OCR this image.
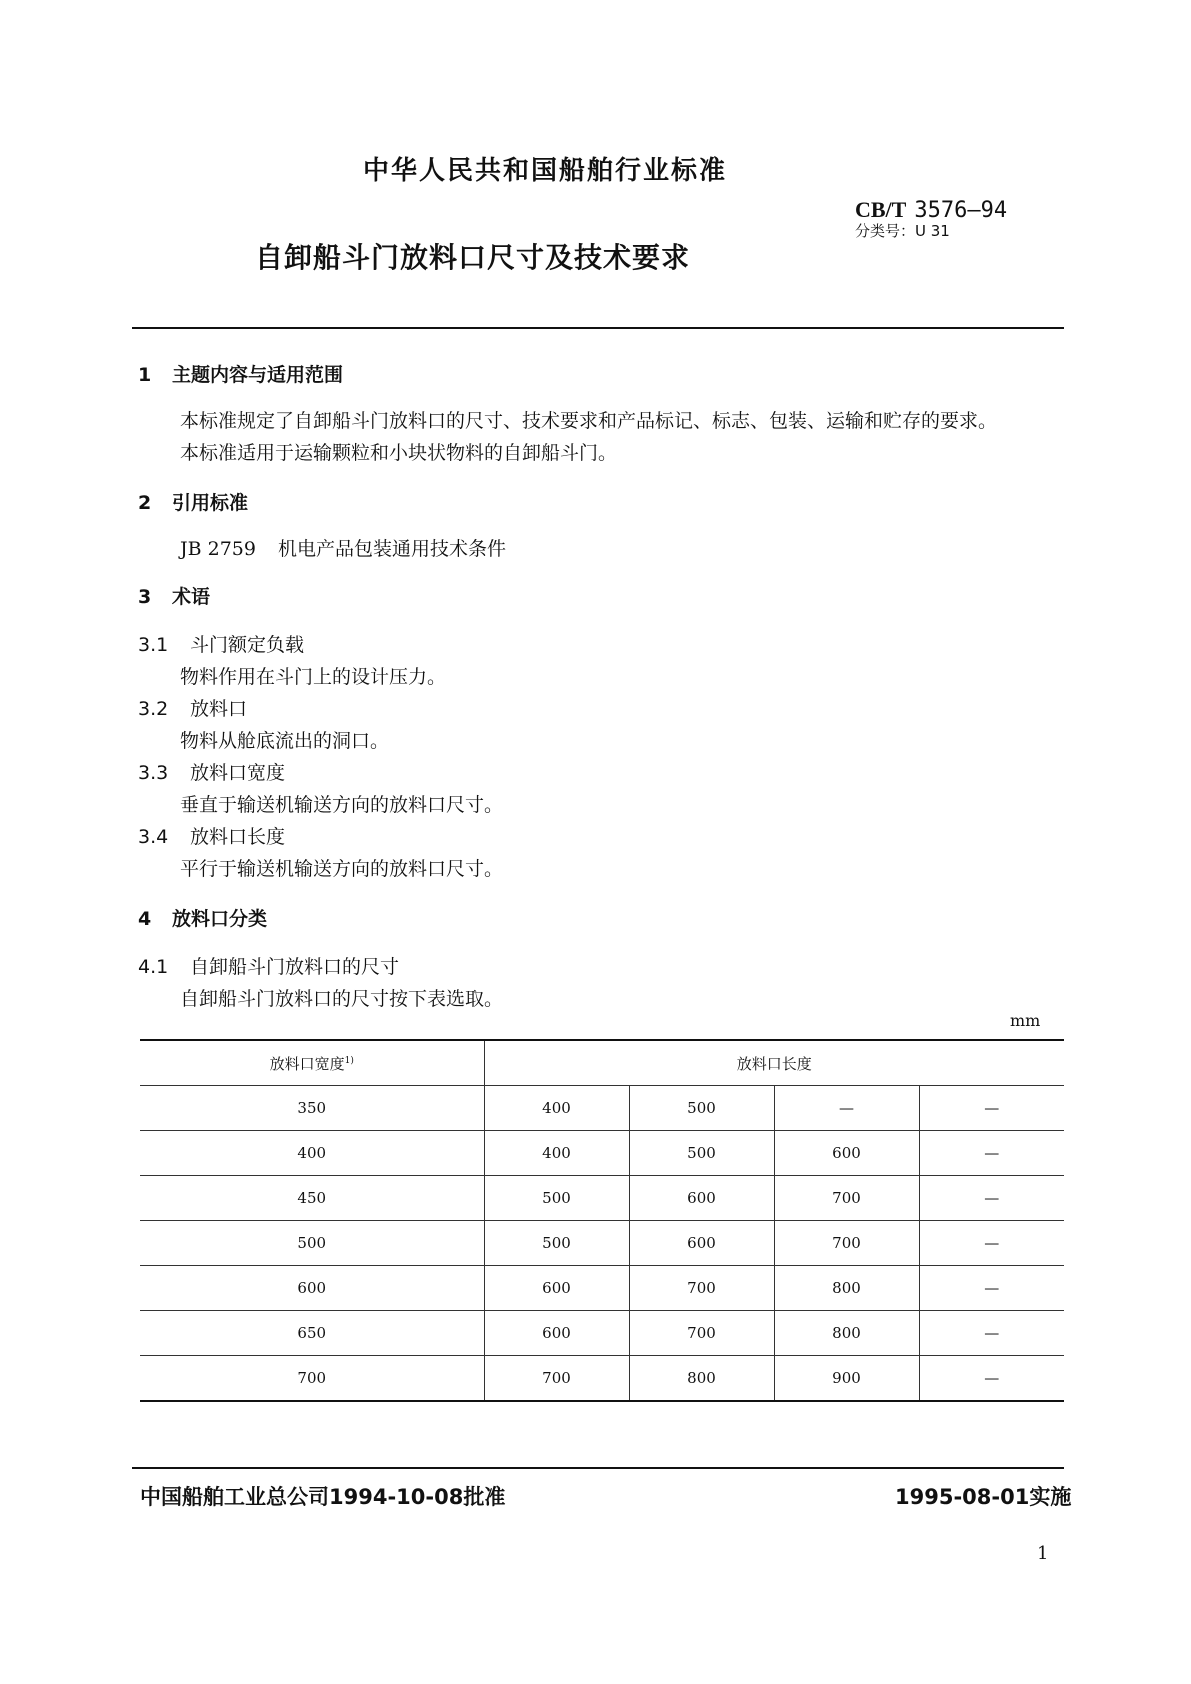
中华人民共和国船舶行业标准
CB/T 3576—94
分类号：U 31
自卸船斗门放料口尺寸及技术要求
1 主题内容与适用范围
本标准规定了自卸船斗门放料口的尺寸、技术要求和产品标记、标志、包装、运输和贮存的要求。
本标准适用于运输颗粒和小块状物料的自卸船斗门。
2 引用标准
JB 2759 机电产品包装通用技术条件
3 术语
3.1 斗门额定负载
物料作用在斗门上的设计压力。
3.2 放料口
物料从舱底流出的洞口。
3.3 放料口宽度
垂直于输送机输送方向的放料口尺寸。
3.4 放料口长度
平行于输送机输送方向的放料口尺寸。
4 放料口分类
4.1 自卸船斗门放料口的尺寸
自卸船斗门放料口的尺寸按下表选取。
mm
放料口宽度$^{1)}$	放料口长度			
350	400	500	—	—
400	400	500	600	—
450	500	600	700	—
500	500	600	700	—
600	600	700	800	—
650	600	700	800	—
700	700	800	900	—
中国船舶工业总公司1994-10-08批准	1995-08-01实施
1
